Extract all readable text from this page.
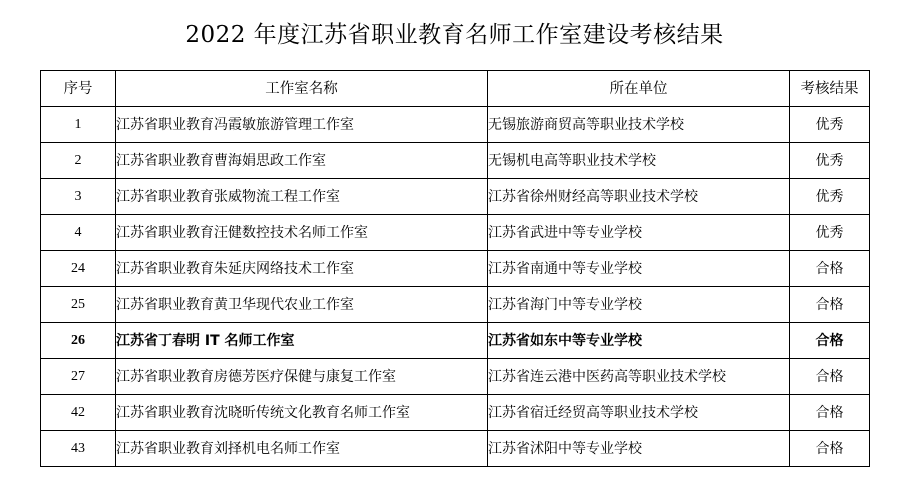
2022 年度江苏省职业教育名师工作室建设考核结果
序号	工作室名称	所在单位	考核结果
1	江苏省职业教育冯霞敏旅游管理工作室	无锡旅游商贸高等职业技术学校	优秀
2	江苏省职业教育曹海娟思政工作室	无锡机电高等职业技术学校	优秀
3	江苏省职业教育张威物流工程工作室	江苏省徐州财经高等职业技术学校	优秀
4	江苏省职业教育汪健数控技术名师工作室	江苏省武进中等专业学校	优秀
24	江苏省职业教育朱延庆网络技术工作室	江苏省南通中等专业学校	合格
25	江苏省职业教育黄卫华现代农业工作室	江苏省海门中等专业学校	合格
26	江苏省丁春明 IT 名师工作室	江苏省如东中等专业学校	合格
27	江苏省职业教育房德芳医疗保健与康复工作室	江苏省连云港中医药高等职业技术学校	合格
42	江苏省职业教育沈晓昕传统文化教育名师工作室	江苏省宿迁经贸高等职业技术学校	合格
43	江苏省职业教育刘择机电名师工作室	江苏省沭阳中等专业学校	合格
